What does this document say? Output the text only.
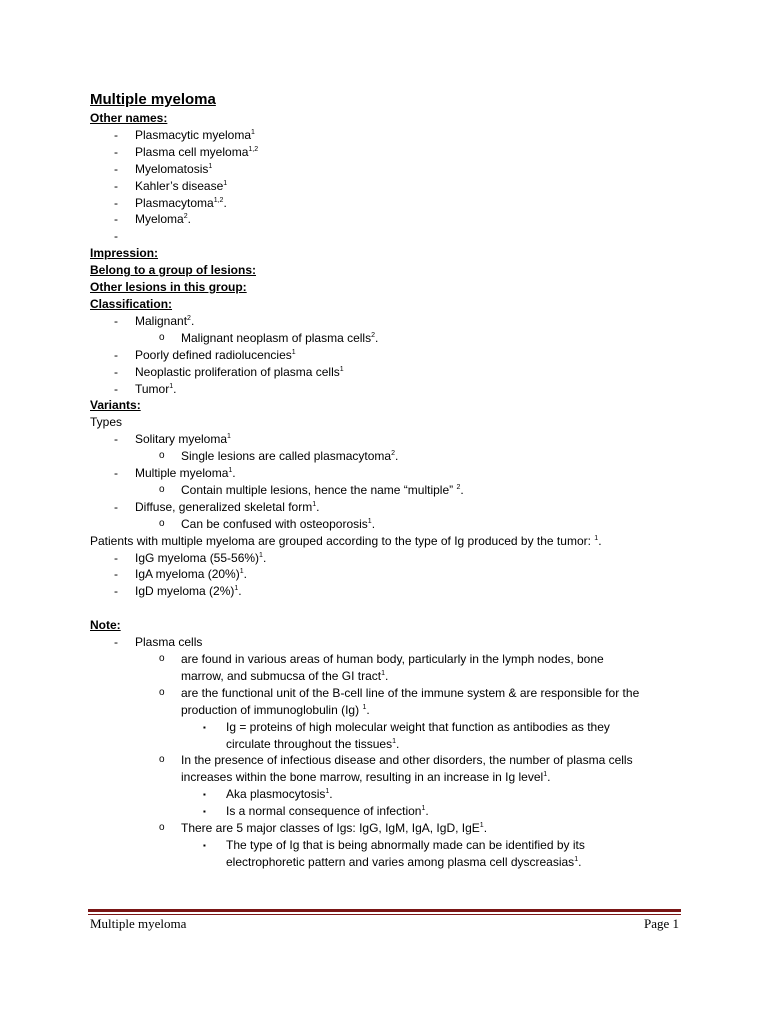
Multiple myeloma
Other names:
- Plasmacytic myeloma$^1$
- Plasma cell myeloma$^{1,2}$
- Myelomatosis$^1$
- Kahler’s disease$^1$
- Plasmacytoma$^{1,2}$.
- Myeloma$^2$.
-

Impression:
Belong to a group of lesions:
Other lesions in this group:
Classification:
- Malignant$^2$.
o Malignant neoplasm of plasma cells$^2$.
- Poorly defined radiolucencies$^1$
- Neoplastic proliferation of plasma cells$^1$
- Tumor$^1$.
Variants:
Types
- Solitary myeloma$^1$
o Single lesions are called plasmacytoma$^2$.
- Multiple myeloma$^1$.
o Contain multiple lesions, hence the name “multiple” $^2$.
- Diffuse, generalized skeletal form$^1$.
o Can be confused with osteoporosis$^1$.
Patients with multiple myeloma are grouped according to the type of Ig produced by the tumor: $^1$.
- IgG myeloma $(55-56\%)^1$.
- IgA myeloma $(20\%)^1$.
- IgD myeloma $(2\%)^1$.
Note:
- Plasma cells
o are found in various areas of human body, particularly in the lymph nodes, bone
marrow, and submucsa of the GI tract$^1$.
o are the functional unit of the B-cell line of the immune system & are responsible for the
production of immunoglobulin (Ig) $^1$.
▪ Ig = proteins of high molecular weight that function as antibodies as they
circulate throughout the tissues$^1$.
o In the presence of infectious disease and other disorders, the number of plasma cells
increases within the bone marrow, resulting in an increase in Ig level$^1$.
▪ Aka plasmocytosis$^1$.
▪ Is a normal consequence of infection$^1$.
o There are 5 major classes of Igs: IgG, IgM, IgA, IgD, IgE$^1$.
▪ The type of Ig that is being abnormally made can be identified by its
electrophoretic pattern and varies among plasma cell dyscreasias$^1$.
Multiple myeloma	Page 1
